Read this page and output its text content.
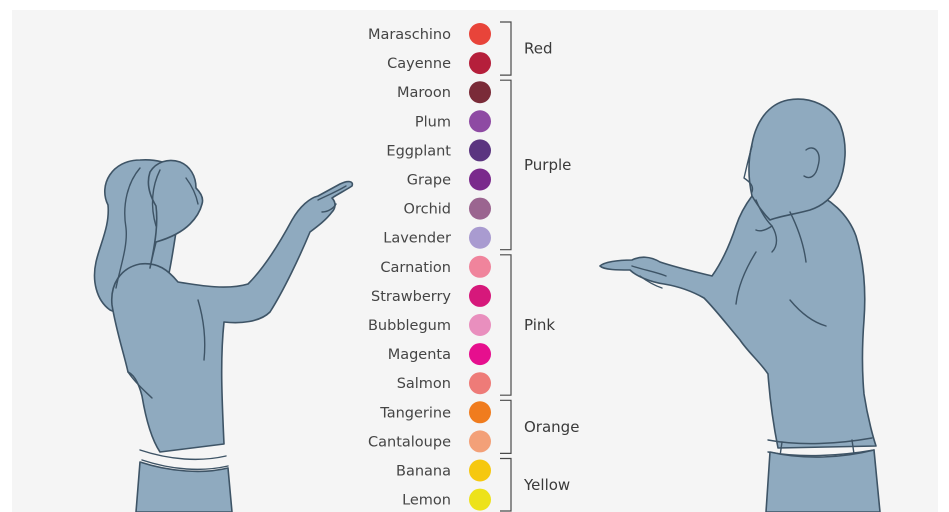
Maraschino
Cayenne
Maroon
Plum
Eggplant
Grape
Orchid
Lavender
Carnation
Strawberry
Bubblegum
Magenta
Salmon
Tangerine
Cantaloupe
Banana
Lemon
Red
Purple
Pink
Orange
Yellow
